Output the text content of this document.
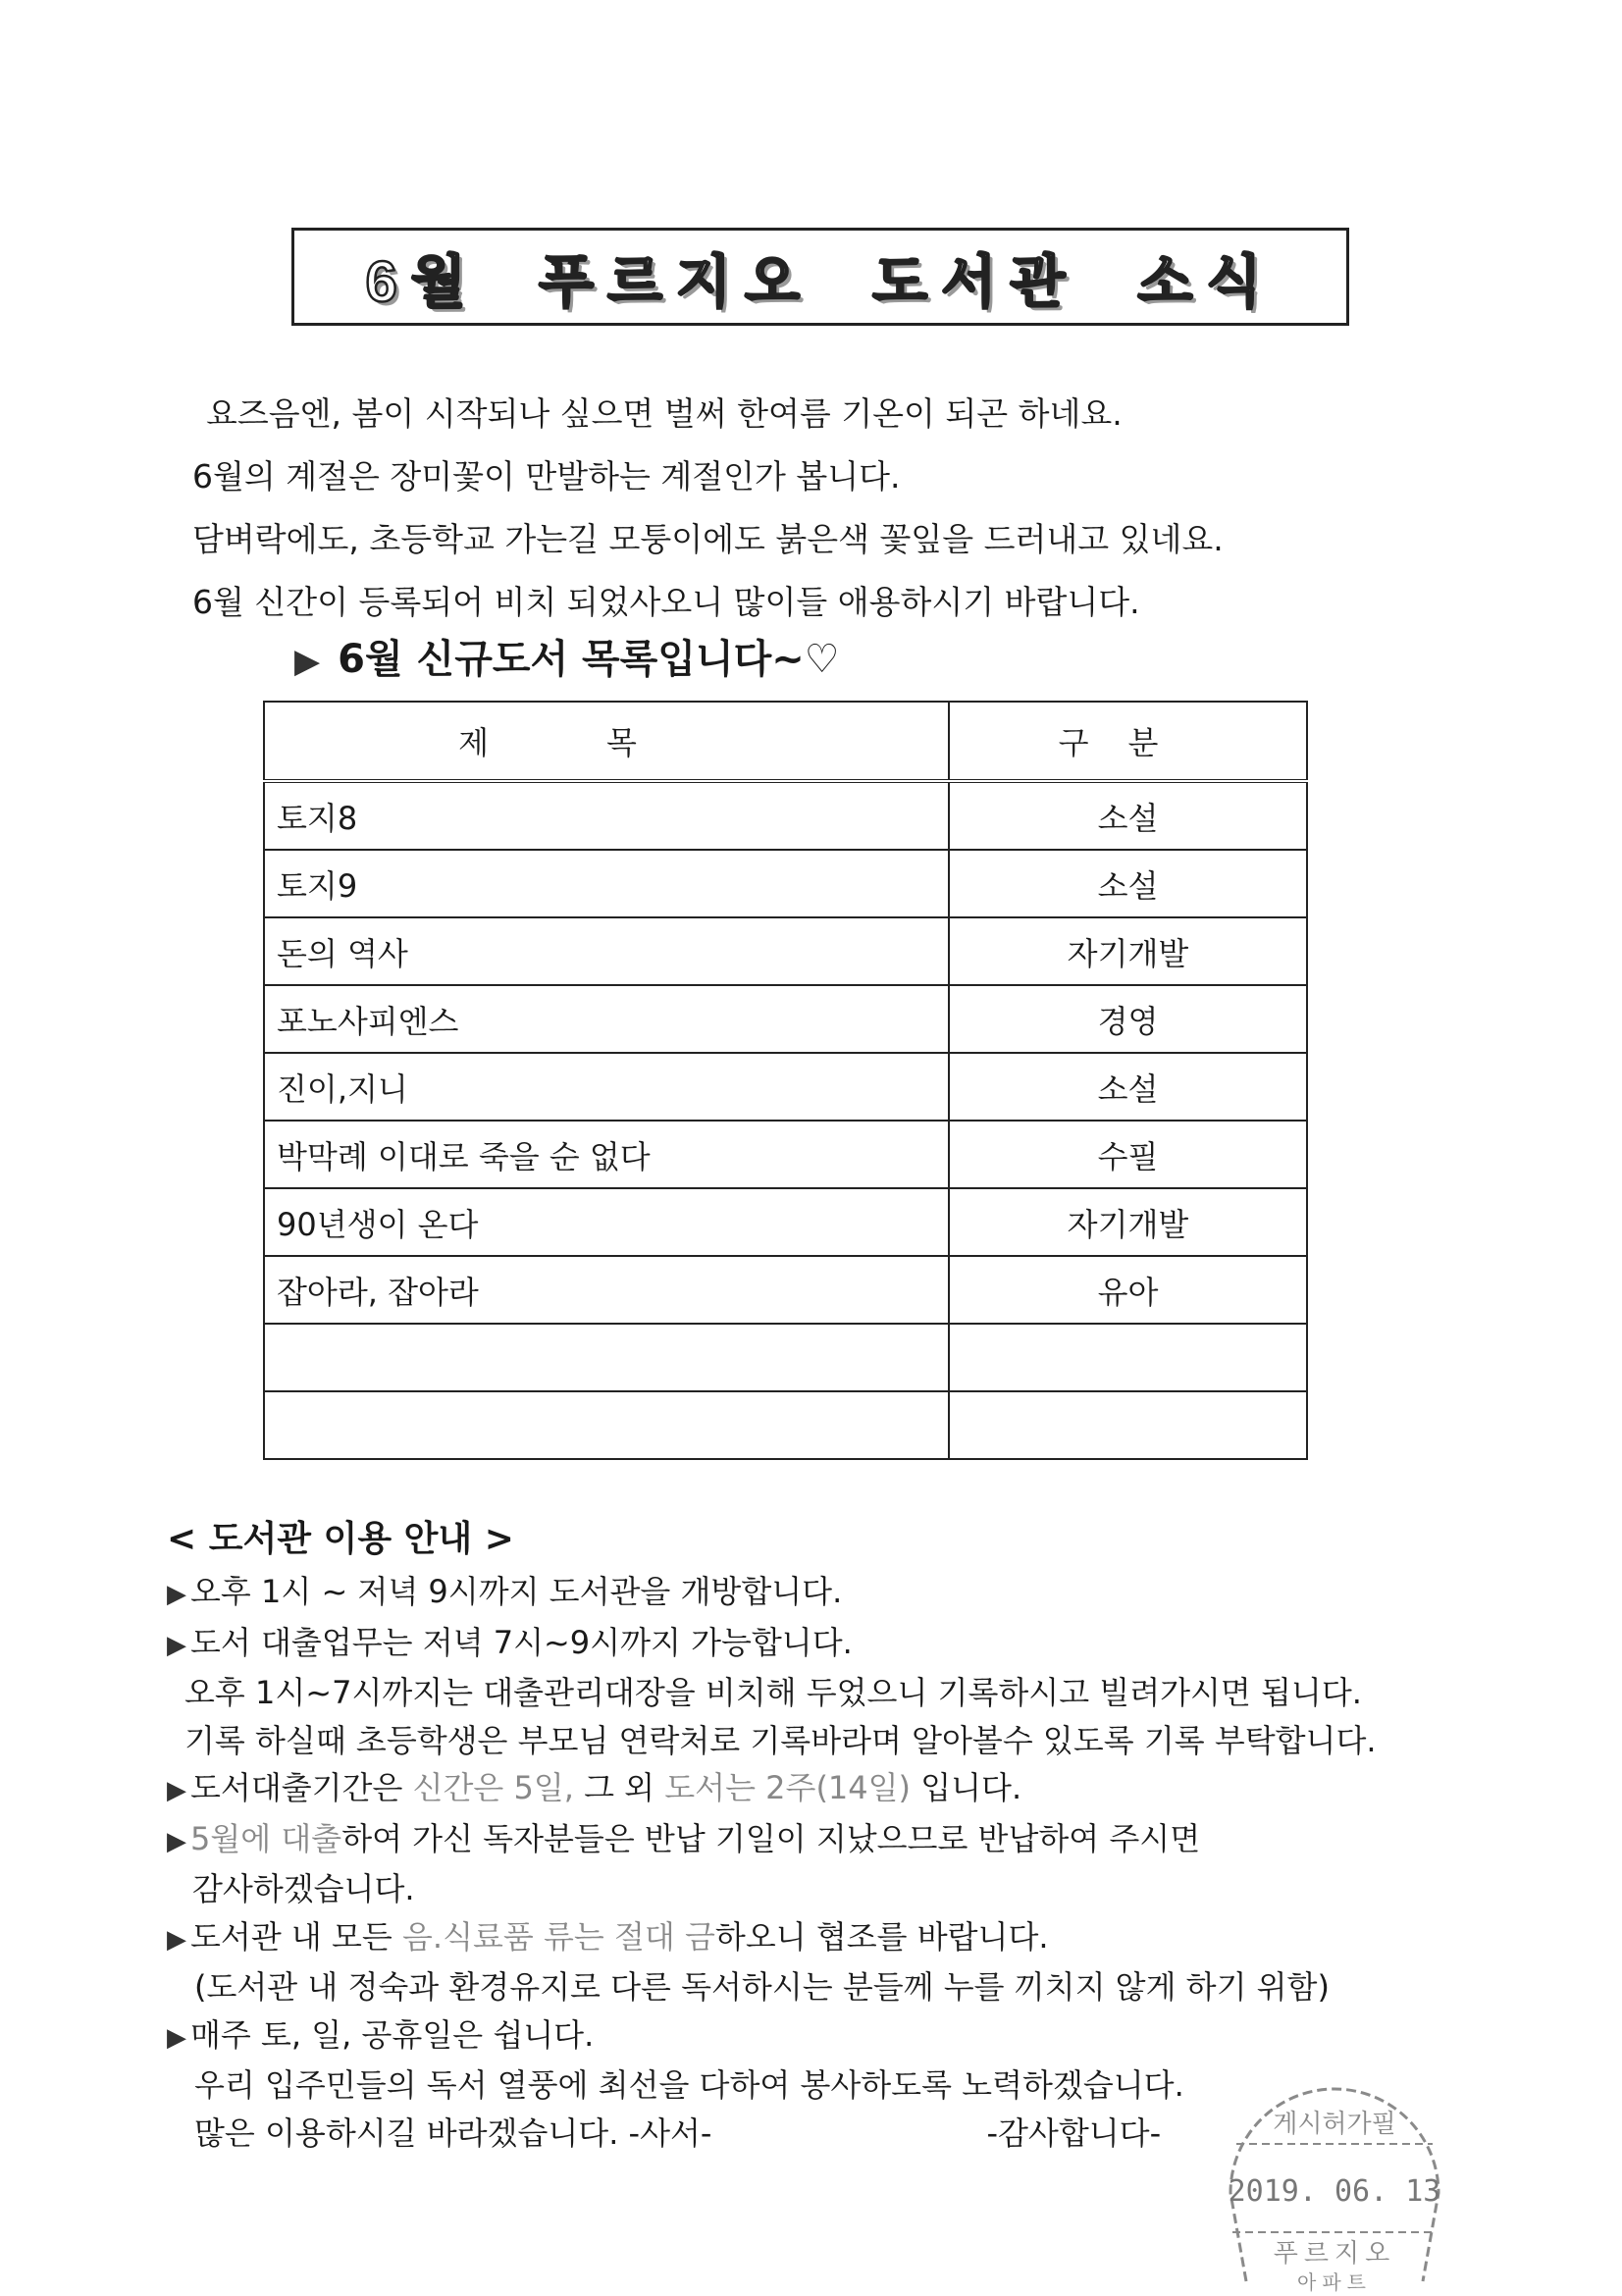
6월 푸르지오 도서관 소식

요즈음엔, 봄이 시작되나 싶으면 벌써 한여름 기온이 되곤 하네요.

6월의 계절은 장미꽃이 만발하는 계절인가 봅니다.

담벼락에도, 초등학교 가는길 모퉁이에도 붉은색 꽃잎을 드러내고 있네요.

6월 신간이 등록되어 비치 되었사오니 많이들 애용하시기 바랍니다.

▶ 6월 신규도서 목록입니다~♡
제목	구분
토지8	소설
토지9	소설
돈의 역사	자기개발
포노사피엔스	경영
진이,지니	소설
박막례 이대로 죽을 순 없다	수필
90년생이 온다	자기개발
잡아라, 잡아라	유아

< 도서관 이용 안내 >

▶ 오후 1시 ~ 저녁 9시까지 도서관을 개방합니다.

▶ 도서 대출업무는 저녁 7시~9시까지 가능합니다.

오후 1시~7시까지는 대출관리대장을 비치해 두었으니 기록하시고 빌려가시면 됩니다.

기록 하실때 초등학생은 부모님 연락처로 기록바라며 알아볼수 있도록 기록 부탁합니다.

▶ 도서대출기간은 신간은 5일, 그 외 도서는 2주(14일) 입니다.

▶ 5월에 대출하여 가신 독자분들은 반납 기일이 지났으므로 반납하여 주시면

감사하겠습니다.

▶ 도서관 내 모든 음.식료품 류는 절대 금하오니 협조를 바랍니다.

(도서관 내 정숙과 환경유지로 다른 독서하시는 분들께 누를 끼치지 않게 하기 위함)

▶ 매주 토, 일, 공휴일은 쉽니다.

우리 입주민들의 독서 열풍에 최선을 다하여 봉사하도록 노력하겠습니다.

많은 이용하시길 바라겠습니다. -사서-	-감사합니다-	게시허가필
2019. 06. 13
푸르지오
아파트
